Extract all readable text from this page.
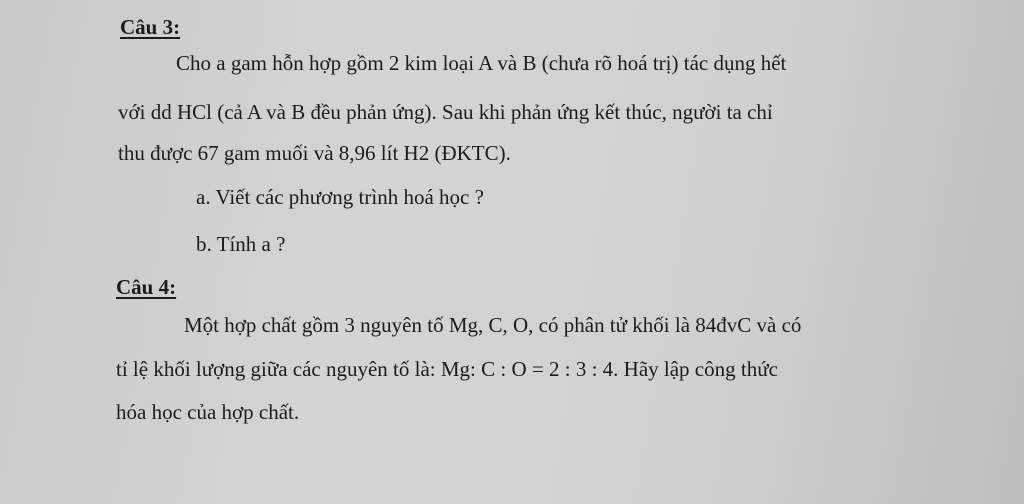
Câu 3:
Cho a gam hỗn hợp gồm 2 kim loại A và B (chưa rõ hoá trị) tác dụng hết
với dd HCl (cả A và B đều phản ứng). Sau khi phản ứng kết thúc, người ta chỉ
thu được 67 gam muối và 8,96 lít H2 (ĐKTC).
a. Viết các phương trình hoá học ?
b. Tính a ?
Câu 4:
Một hợp chất gồm 3 nguyên tố Mg, C, O, có phân tử khối là 84đvC và có
tỉ lệ khối lượng giữa các nguyên tố là: Mg: C : O = 2 : 3 : 4. Hãy lập công thức
hóa học của hợp chất.
